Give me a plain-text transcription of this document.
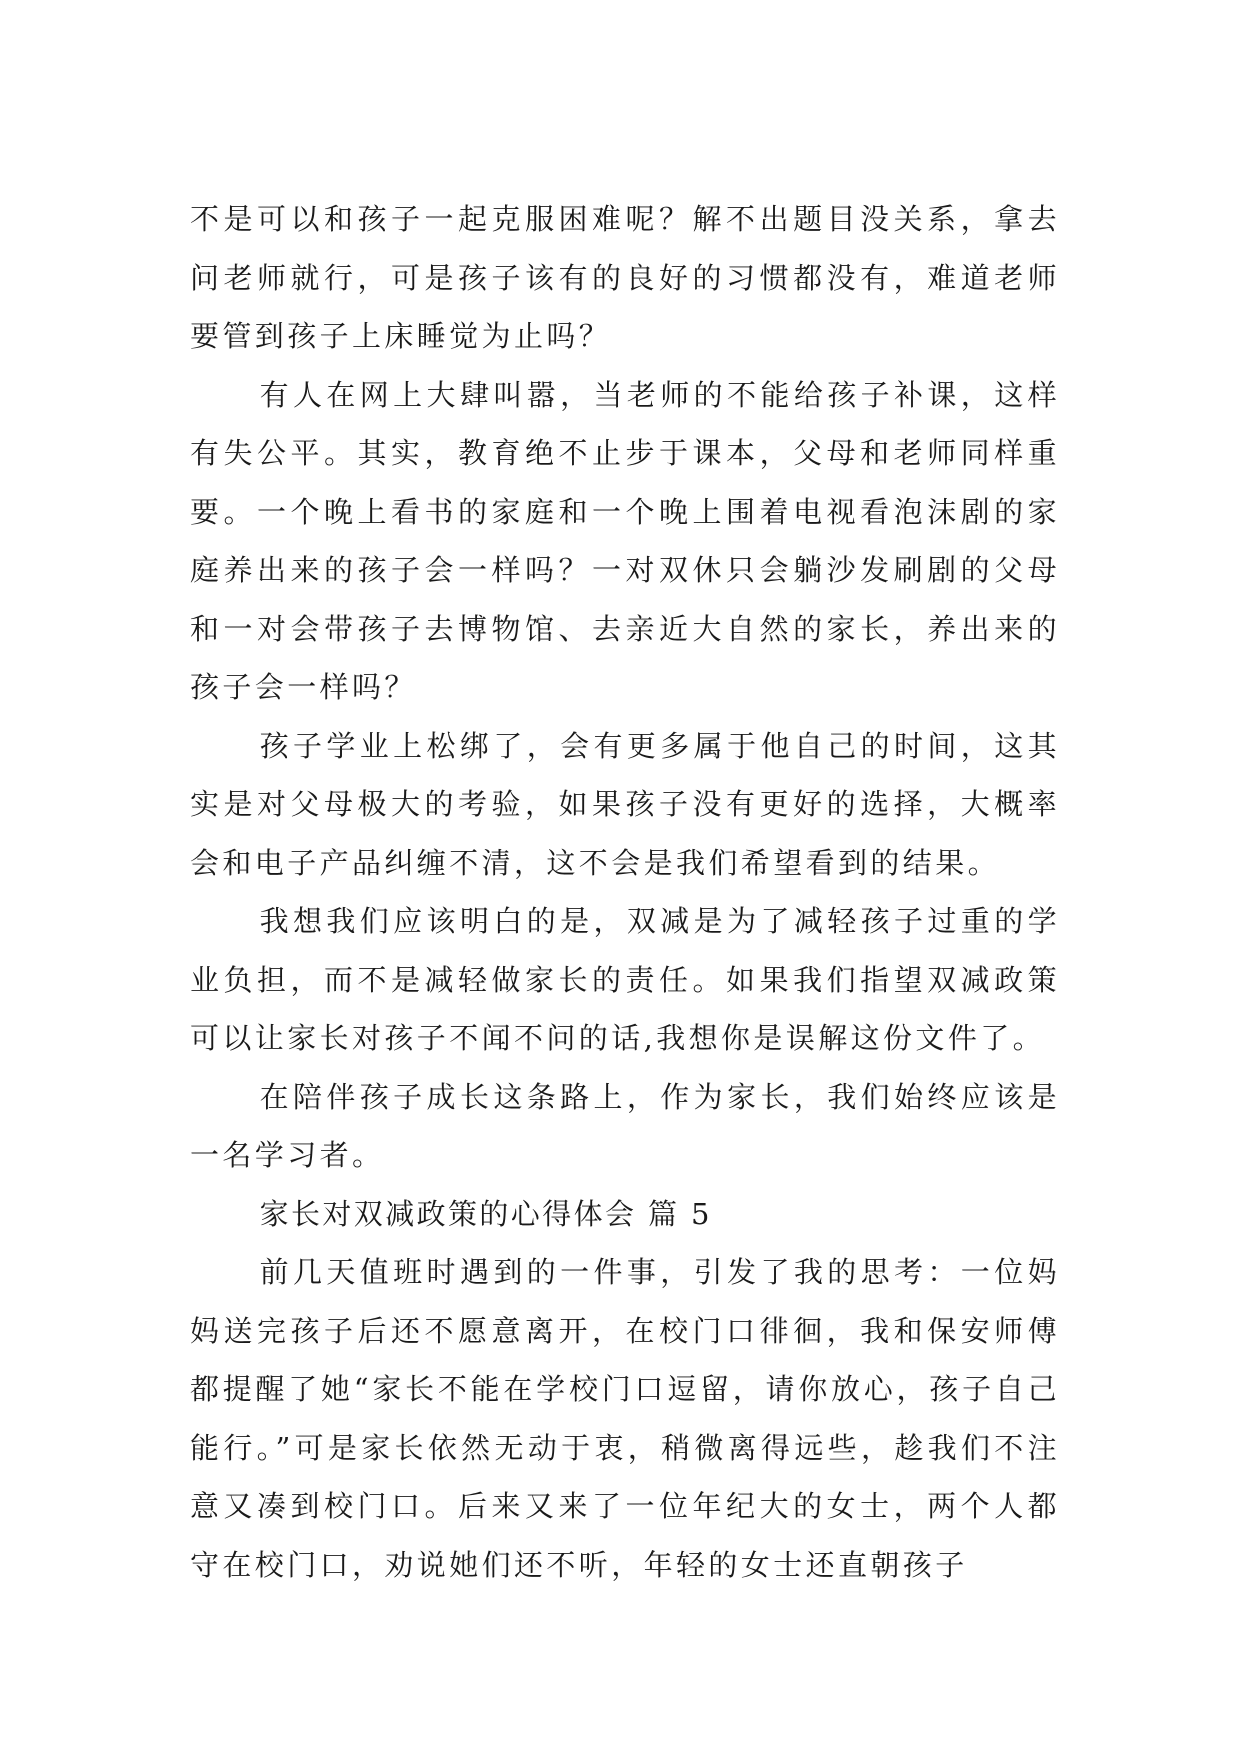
不是可以和孩子一起克服困难呢？解不出题目没关系，拿去问老师就行，可是孩子该有的良好的习惯都没有，难道老师要管到孩子上床睡觉为止吗？

有人在网上大肆叫嚣，当老师的不能给孩子补课，这样有失公平。其实，教育绝不止步于课本，父母和老师同样重要。一个晚上看书的家庭和一个晚上围着电视看泡沫剧的家庭养出来的孩子会一样吗？一对双休只会躺沙发刷剧的父母和一对会带孩子去博物馆、去亲近大自然的家长，养出来的孩子会一样吗？

孩子学业上松绑了，会有更多属于他自己的时间，这其实是对父母极大的考验，如果孩子没有更好的选择，大概率会和电子产品纠缠不清，这不会是我们希望看到的结果。

我想我们应该明白的是，双减是为了减轻孩子过重的学业负担，而不是减轻做家长的责任。如果我们指望双减政策可以让家长对孩子不闻不问的话,我想你是误解这份文件了。

在陪伴孩子成长这条路上，作为家长，我们始终应该是一名学习者。

家长对双减政策的心得体会 篇 5

前几天值班时遇到的一件事，引发了我的思考：一位妈妈送完孩子后还不愿意离开，在校门口徘徊，我和保安师傅都提醒了她“家长不能在学校门口逗留，请你放心，孩子自己能行。”可是家长依然无动于衷，稍微离得远些，趁我们不注意又凑到校门口。后来又来了一位年纪大的女士，两个人都守在校门口，劝说她们还不听，年轻的女士还直朝孩子
